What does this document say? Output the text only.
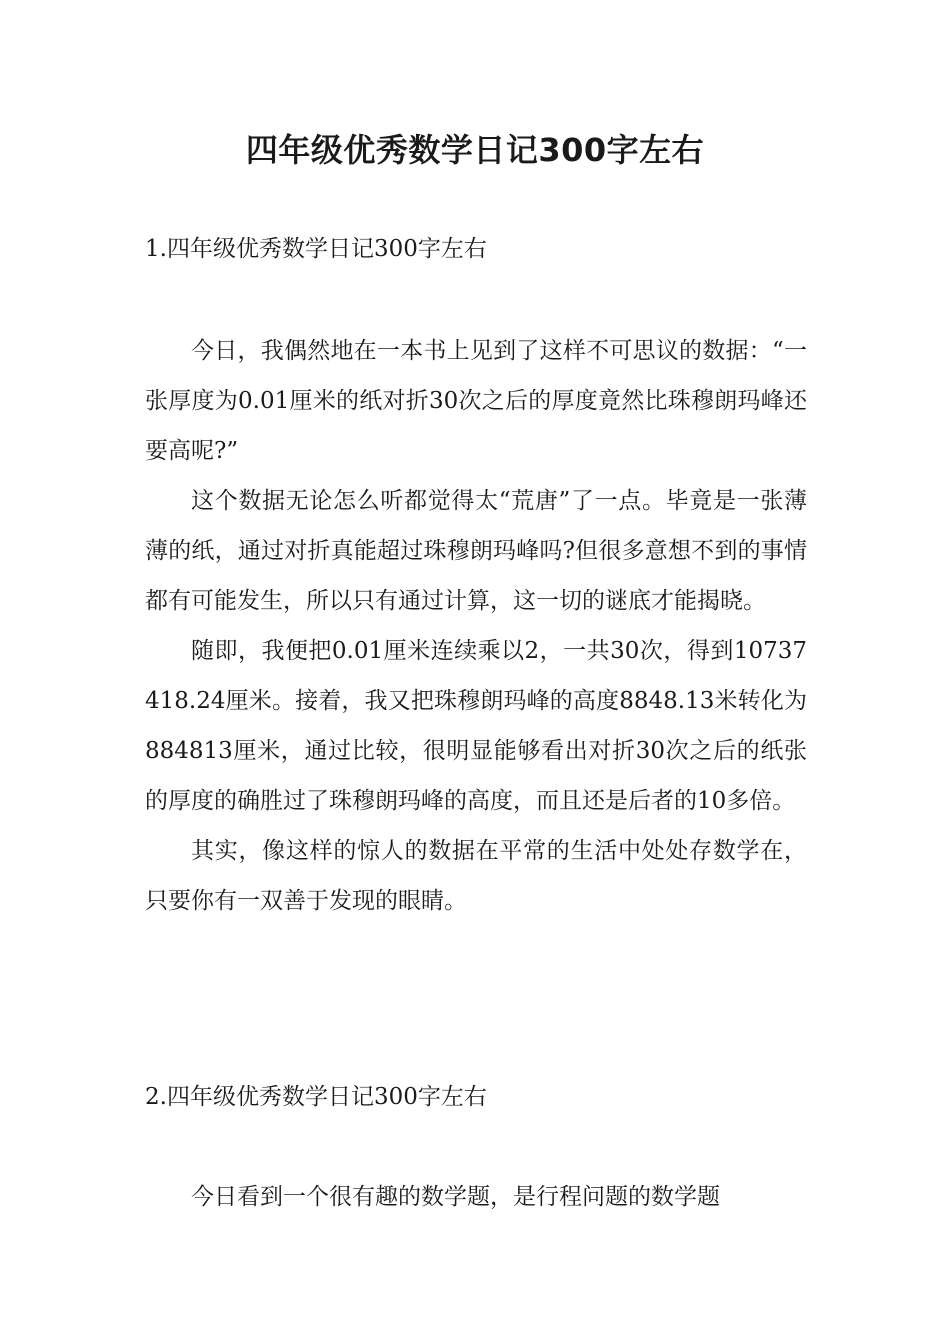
四年级优秀数学日记300字左右
1.四年级优秀数学日记300字左右

今日，我偶然地在一本书上见到了这样不可思议的数据：“一张厚度为0.01厘米的纸对折30次之后的厚度竟然比珠穆朗玛峰还要高呢?”

这个数据无论怎么听都觉得太“荒唐”了一点。毕竟是一张薄薄的纸，通过对折真能超过珠穆朗玛峰吗?但很多意想不到的事情都有可能发生，所以只有通过计算，这一切的谜底才能揭晓。

随即，我便把0.01厘米连续乘以2，一共30次，得到10737418.24厘米。接着，我又把珠穆朗玛峰的高度8848.13米转化为884813厘米，通过比较，很明显能够看出对折30次之后的纸张的厚度的确胜过了珠穆朗玛峰的高度，而且还是后者的10多倍。

其实，像这样的惊人的数据在平常的生活中处处存数学在，只要你有一双善于发现的眼睛。

2.四年级优秀数学日记300字左右

今日看到一个很有趣的数学题，是行程问题的数学题
